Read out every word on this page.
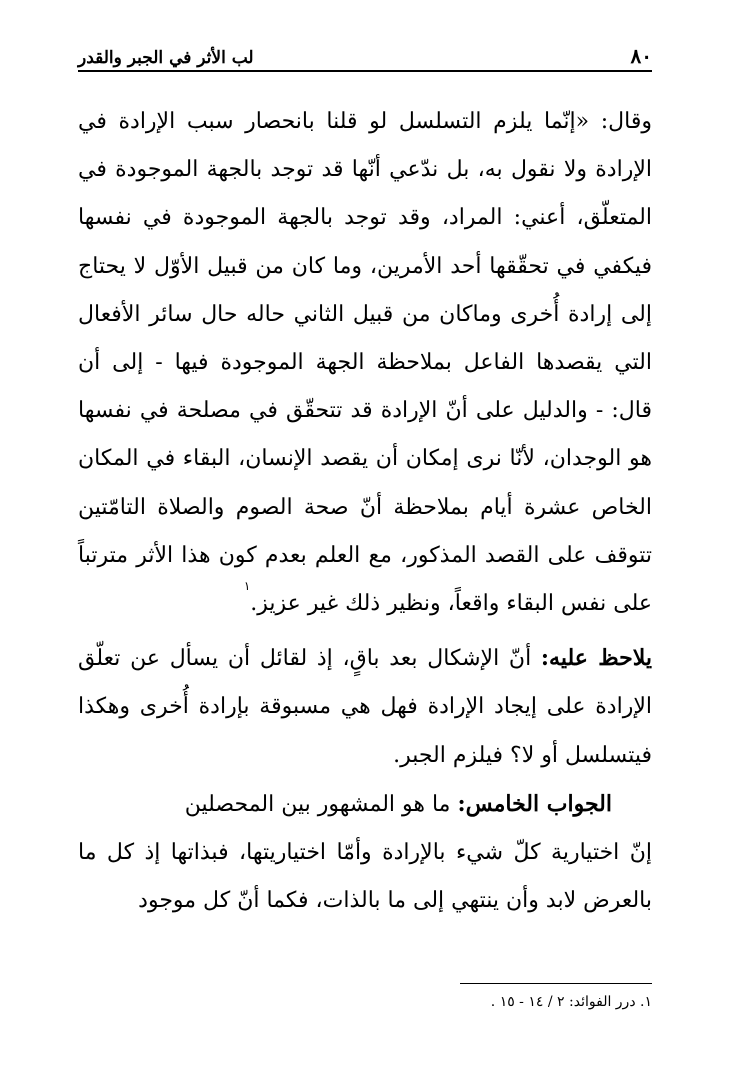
٨٠
لب الأثر في الجبر والقدر

وقال: «إنّما يلزم التسلسل لو قلنا بانحصار سبب الإرادة في الإرادة ولا نقول به، بل ندّعي أنّها قد توجد بالجهة الموجودة في المتعلّق، أعني: المراد، وقد توجد بالجهة الموجودة في نفسها فيكفي في تحقّقها أحد الأمرين، وما كان من قبيل الأوّل لا يحتاج إلى إرادة أُخرى وماكان من قبيل الثاني حاله حال سائر الأفعال التي يقصدها الفاعل بملاحظة الجهة الموجودة فيها - إلى أن قال: - والدليل على أنّ الإرادة قد تتحقّق في مصلحة في نفسها هو الوجدان، لأنّا نرى إمكان أن يقصد الإنسان، البقاء في المكان الخاص عشرة أيام بملاحظة أنّ صحة الصوم والصلاة التامّتين تتوقف على القصد المذكور، مع العلم بعدم كون هذا الأثر مترتباً على نفس البقاء واقعاً، ونظير ذلك غير عزيز.$^١$

يلاحظ عليه: أنّ الإشكال بعد باقٍ، إذ لقائل أن يسأل عن تعلّق الإرادة على إيجاد الإرادة فهل هي مسبوقة بإرادة أُخرى وهكذا فيتسلسل أو لا؟ فيلزم الجبر.

الجواب الخامس: ما هو المشهور بين المحصلين

إنّ اختيارية كلّ شيء بالإرادة وأمّا اختياريتها، فبذاتها إذ كل ما بالعرض لابد وأن ينتهي إلى ما بالذات، فكما أنّ كل موجود

١. درر الفوائد: ٢ / ١٤ - ١٥ .
